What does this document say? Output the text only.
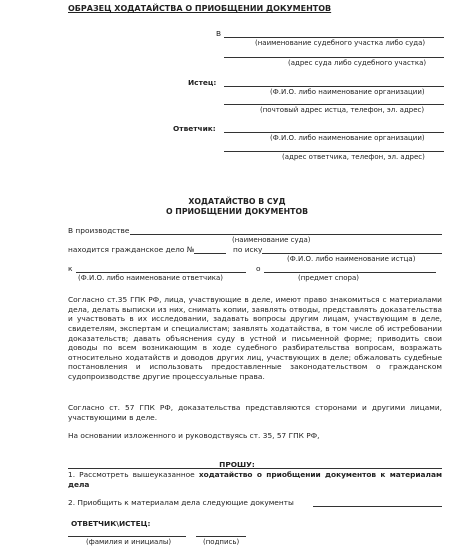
ОБРАЗЕЦ ХОДАТАЙСТВА О ПРИОБЩЕНИИ ДОКУМЕНТОВ
В
(наименование судебного участка либо суда)
(адрес суда либо судебного участка)
Истец:
(Ф.И.О. либо наименование организации)
(почтовый адрес истца, телефон, эл. адрес)
Ответчик:
(Ф.И.О. либо наименование организации)
(адрес ответчика, телефон, эл. адрес)
ХОДАТАЙСТВО В СУД
О ПРИОБЩЕНИИ ДОКУМЕНТОВ
В производстве
(наименование суда)
находится гражданское дело №	по иску
(Ф.И.О. либо наименование истца)
к	о
(Ф.И.О. либо наименование ответчика)	(предмет спора)
Согласно ст.35 ГПК РФ, лица, участвующие в деле, имеют право знакомиться с материалами дела, делать выписки из них, снимать копии, заявлять отводы, представлять доказательства и участвовать в их исследовании, задавать вопросы другим лицам, участвующим в деле, свидетелям, экспертам и специалистам; заявлять ходатайства, в том числе об истребовании доказательств; давать объяснения суду в устной и письменной форме; приводить свои доводы по всем возникающим в ходе судебного разбирательства вопросам, возражать относительно ходатайств и доводов других лиц, участвующих в деле; обжаловать судебные постановления и использовать предоставленные законодательством о гражданском судопроизводстве другие процессуальные права.
Согласно ст. 57 ГПК РФ, доказательства представляются сторонами и другими лицами, участвующими в деле.
На основании изложенного и руководствуясь ст. 35, 57 ГПК РФ,
ПРОШУ:
1. Рассмотреть вышеуказанное ходатайство о приобщении документов к материалам дела
2. Приобщить к материалам дела следующие документы
ОТВЕТЧИК\ИСТЕЦ:
(фамилия и инициалы)	(подпись)
